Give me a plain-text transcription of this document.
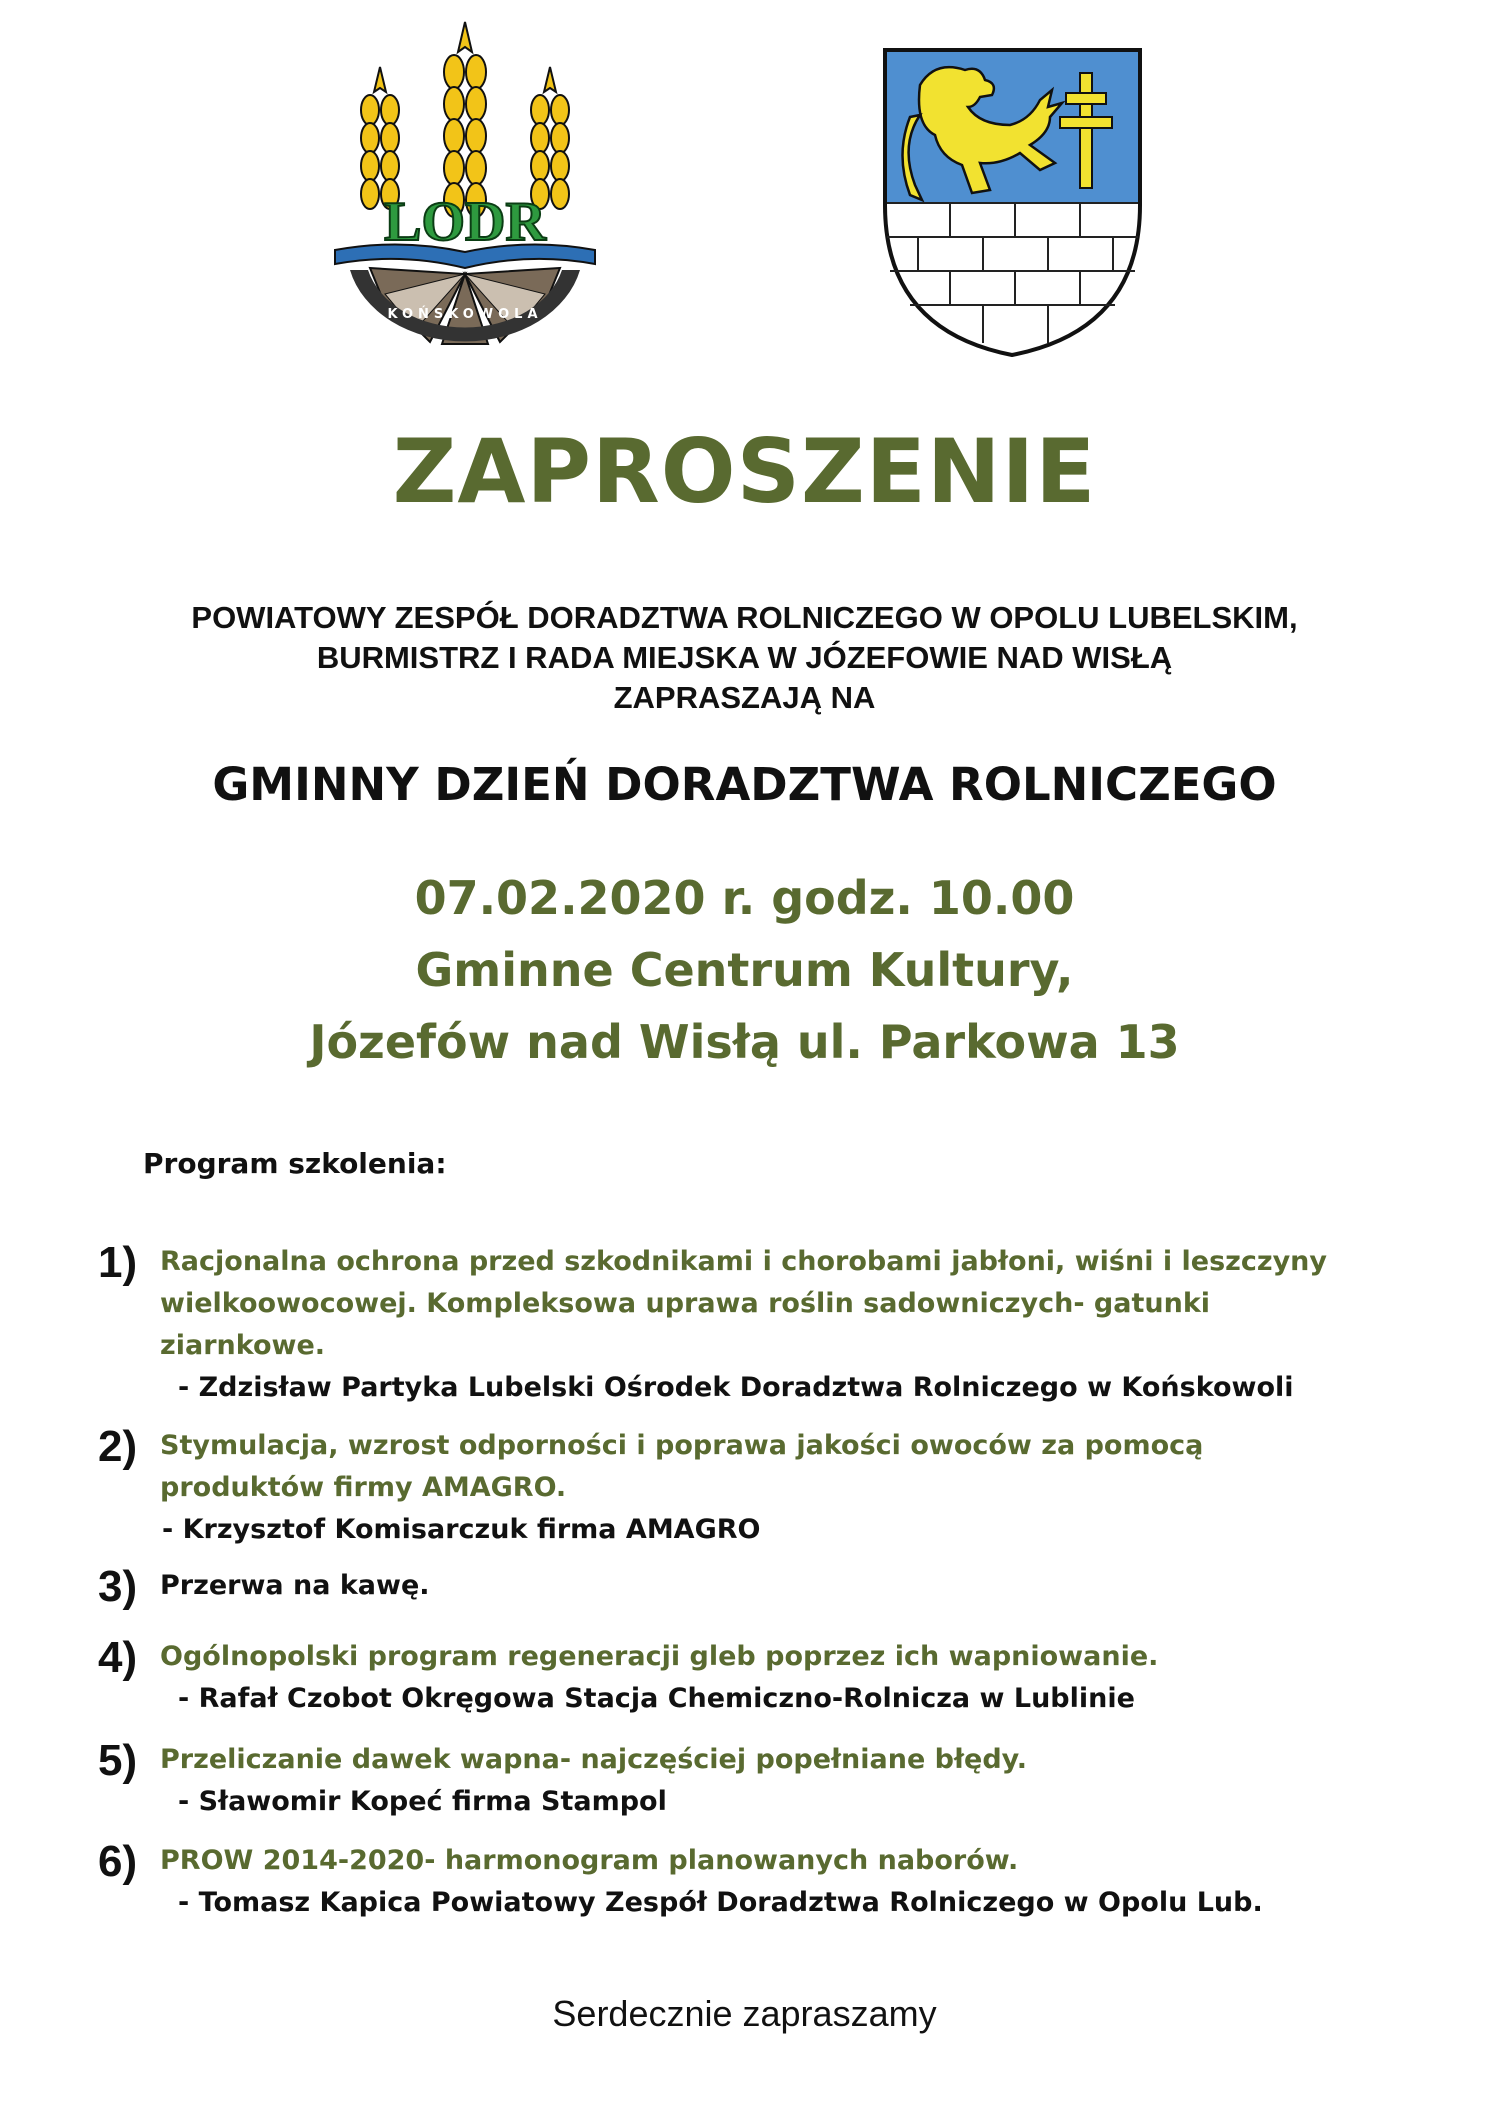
LODR
KOŃSKOWOLA
ZAPROSZENIE
POWIATOWY ZESPÓŁ DORADZTWA ROLNICZEGO W OPOLU LUBELSKIM,
BURMISTRZ I RADA MIEJSKA W JÓZEFOWIE NAD WISŁĄ
ZAPRASZAJĄ NA
GMINNY DZIEŃ DORADZTWA ROLNICZEGO
07.02.2020 r. godz. 10.00
Gminne Centrum Kultury,
Józefów nad Wisłą ul. Parkowa 13
Program szkolenia:
1) Racjonalna ochrona przed szkodnikami i chorobami jabłoni, wiśni i leszczyny
wielkoowocowej. Kompleksowa uprawa roślin sadowniczych- gatunki
ziarnkowe.
- Zdzisław Partyka Lubelski Ośrodek Doradztwa Rolniczego w Końskowoli
2) Stymulacja, wzrost odporności i poprawa jakości owoców za pomocą
produktów firmy AMAGRO.
- Krzysztof Komisarczuk firma AMAGRO
3) Przerwa na kawę.
4) Ogólnopolski program regeneracji gleb poprzez ich wapniowanie.
- Rafał Czobot Okręgowa Stacja Chemiczno-Rolnicza w Lublinie
5) Przeliczanie dawek wapna- najczęściej popełniane błędy.
- Sławomir Kopeć firma Stampol
6) PROW 2014-2020- harmonogram planowanych naborów.
- Tomasz Kapica Powiatowy Zespół Doradztwa Rolniczego w Opolu Lub.
Serdecznie zapraszamy
